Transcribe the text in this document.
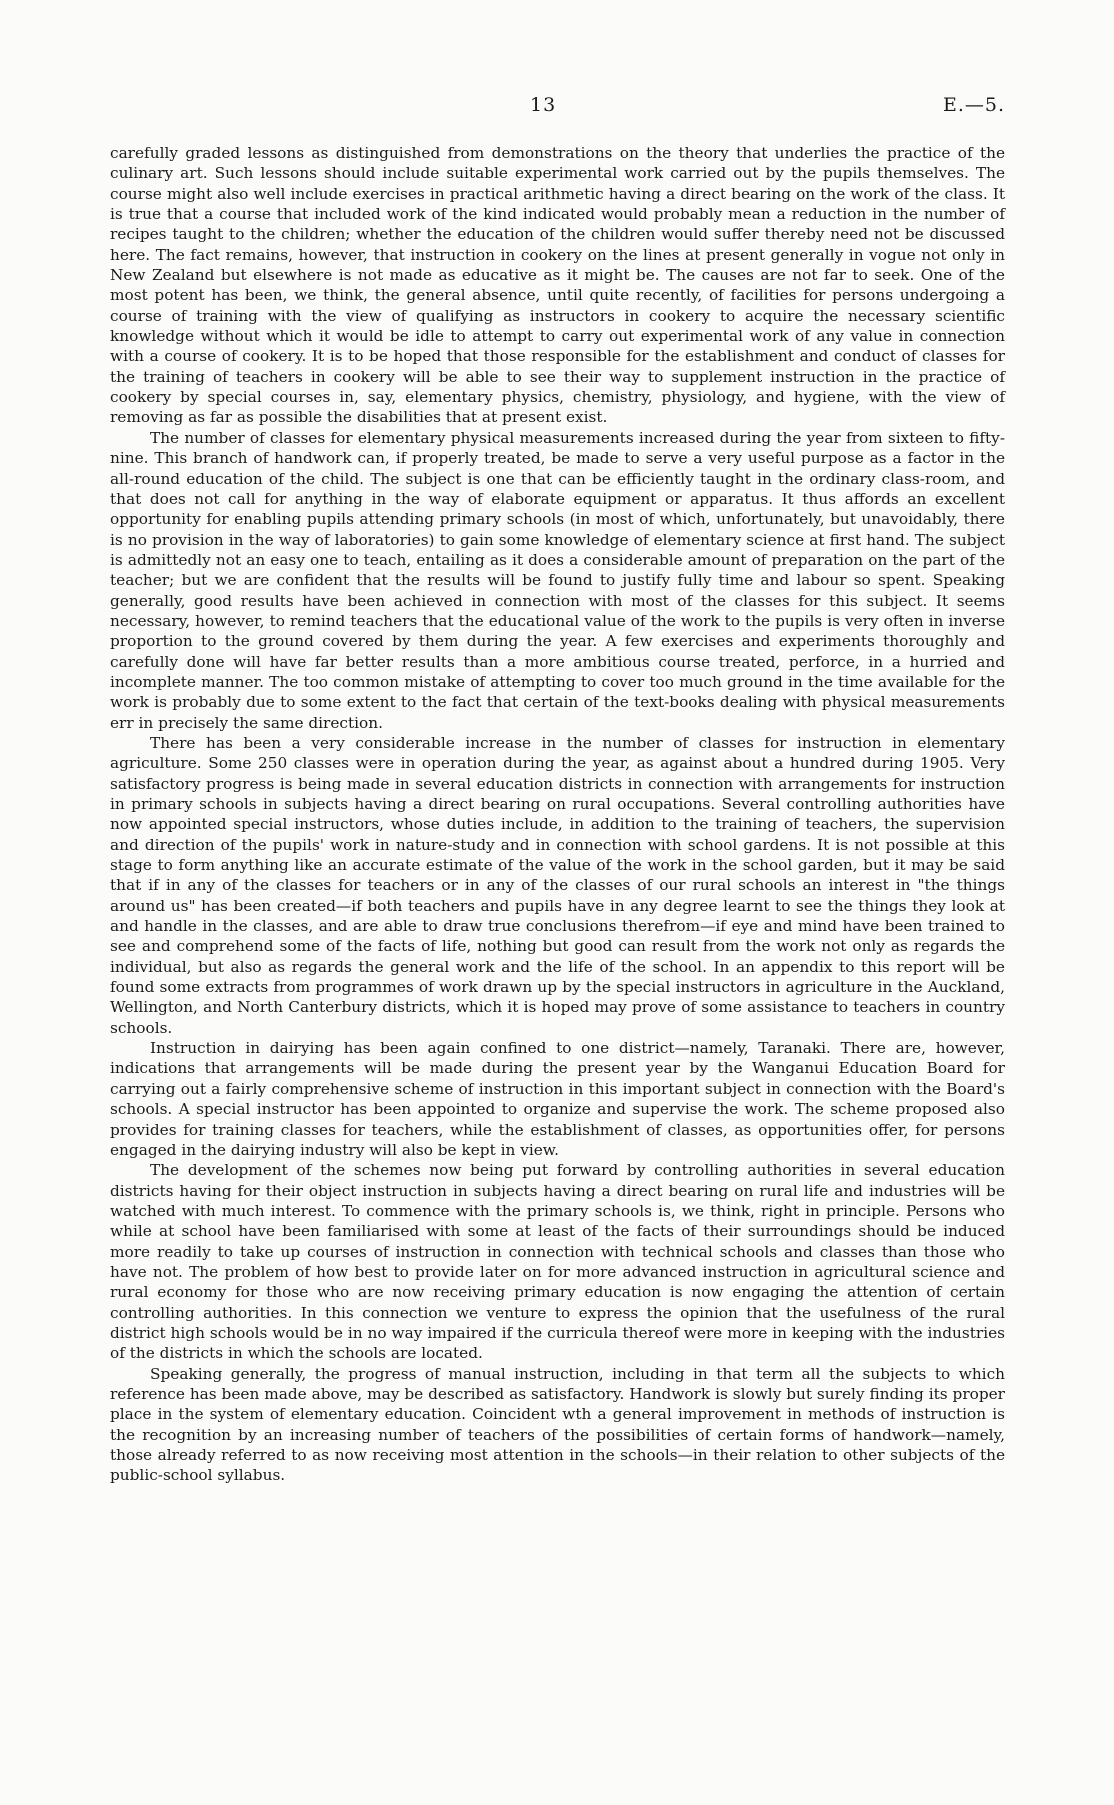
13	E.—5.

carefully graded lessons as distinguished from demonstrations on the theory that underlies the practice of the culinary art. Such lessons should include suitable experimental work carried out by the pupils themselves. The course might also well include exercises in practical arithmetic having a direct bearing on the work of the class. It is true that a course that included work of the kind indicated would probably mean a reduction in the number of recipes taught to the children; whether the education of the children would suffer thereby need not be discussed here. The fact remains, however, that instruction in cookery on the lines at present generally in vogue not only in New Zealand but elsewhere is not made as educative as it might be. The causes are not far to seek. One of the most potent has been, we think, the general absence, until quite recently, of facilities for persons undergoing a course of training with the view of qualifying as instructors in cookery to acquire the necessary scientific knowledge without which it would be idle to attempt to carry out experimental work of any value in connection with a course of cookery. It is to be hoped that those responsible for the establishment and conduct of classes for the training of teachers in cookery will be able to see their way to supplement instruction in the practice of cookery by special courses in, say, elementary physics, chemistry, physiology, and hygiene, with the view of removing as far as possible the disabilities that at present exist.

The number of classes for elementary physical measurements increased during the year from sixteen to fifty-nine. This branch of handwork can, if properly treated, be made to serve a very useful purpose as a factor in the all-round education of the child. The subject is one that can be efficiently taught in the ordinary class-room, and that does not call for anything in the way of elaborate equipment or apparatus. It thus affords an excellent opportunity for enabling pupils attending primary schools (in most of which, unfortunately, but unavoidably, there is no provision in the way of laboratories) to gain some knowledge of elementary science at first hand. The subject is admittedly not an easy one to teach, entailing as it does a considerable amount of preparation on the part of the teacher; but we are confident that the results will be found to justify fully time and labour so spent. Speaking generally, good results have been achieved in connection with most of the classes for this subject. It seems necessary, however, to remind teachers that the educational value of the work to the pupils is very often in inverse proportion to the ground covered by them during the year. A few exercises and experiments thoroughly and carefully done will have far better results than a more ambitious course treated, perforce, in a hurried and incomplete manner. The too common mistake of attempting to cover too much ground in the time available for the work is probably due to some extent to the fact that certain of the text-books dealing with physical measurements err in precisely the same direction.

There has been a very considerable increase in the number of classes for instruction in elementary agriculture. Some 250 classes were in operation during the year, as against about a hundred during 1905. Very satisfactory progress is being made in several education districts in connection with arrangements for instruction in primary schools in subjects having a direct bearing on rural occupations. Several controlling authorities have now appointed special instructors, whose duties include, in addition to the training of teachers, the supervision and direction of the pupils' work in nature-study and in connection with school gardens. It is not possible at this stage to form anything like an accurate estimate of the value of the work in the school garden, but it may be said that if in any of the classes for teachers or in any of the classes of our rural schools an interest in "the things around us" has been created—if both teachers and pupils have in any degree learnt to see the things they look at and handle in the classes, and are able to draw true conclusions therefrom—if eye and mind have been trained to see and comprehend some of the facts of life, nothing but good can result from the work not only as regards the individual, but also as regards the general work and the life of the school. In an appendix to this report will be found some extracts from programmes of work drawn up by the special instructors in agriculture in the Auckland, Wellington, and North Canterbury districts, which it is hoped may prove of some assistance to teachers in country schools.

Instruction in dairying has been again confined to one district—namely, Taranaki. There are, however, indications that arrangements will be made during the present year by the Wanganui Education Board for carrying out a fairly comprehensive scheme of instruction in this important subject in connection with the Board's schools. A special instructor has been appointed to organize and supervise the work. The scheme proposed also provides for training classes for teachers, while the establishment of classes, as opportunities offer, for persons engaged in the dairying industry will also be kept in view.

The development of the schemes now being put forward by controlling authorities in several education districts having for their object instruction in subjects having a direct bearing on rural life and industries will be watched with much interest. To commence with the primary schools is, we think, right in principle. Persons who while at school have been familiarised with some at least of the facts of their surroundings should be induced more readily to take up courses of instruction in connection with technical schools and classes than those who have not. The problem of how best to provide later on for more advanced instruction in agricultural science and rural economy for those who are now receiving primary education is now engaging the attention of certain controlling authorities. In this connection we venture to express the opinion that the usefulness of the rural district high schools would be in no way impaired if the curricula thereof were more in keeping with the industries of the districts in which the schools are located.

Speaking generally, the progress of manual instruction, including in that term all the subjects to which reference has been made above, may be described as satisfactory. Handwork is slowly but surely finding its proper place in the system of elementary education. Coincident wth a general improvement in methods of instruction is the recognition by an increasing number of teachers of the possibilities of certain forms of handwork—namely, those already referred to as now receiving most attention in the schools—in their relation to other subjects of the public-school syllabus.
